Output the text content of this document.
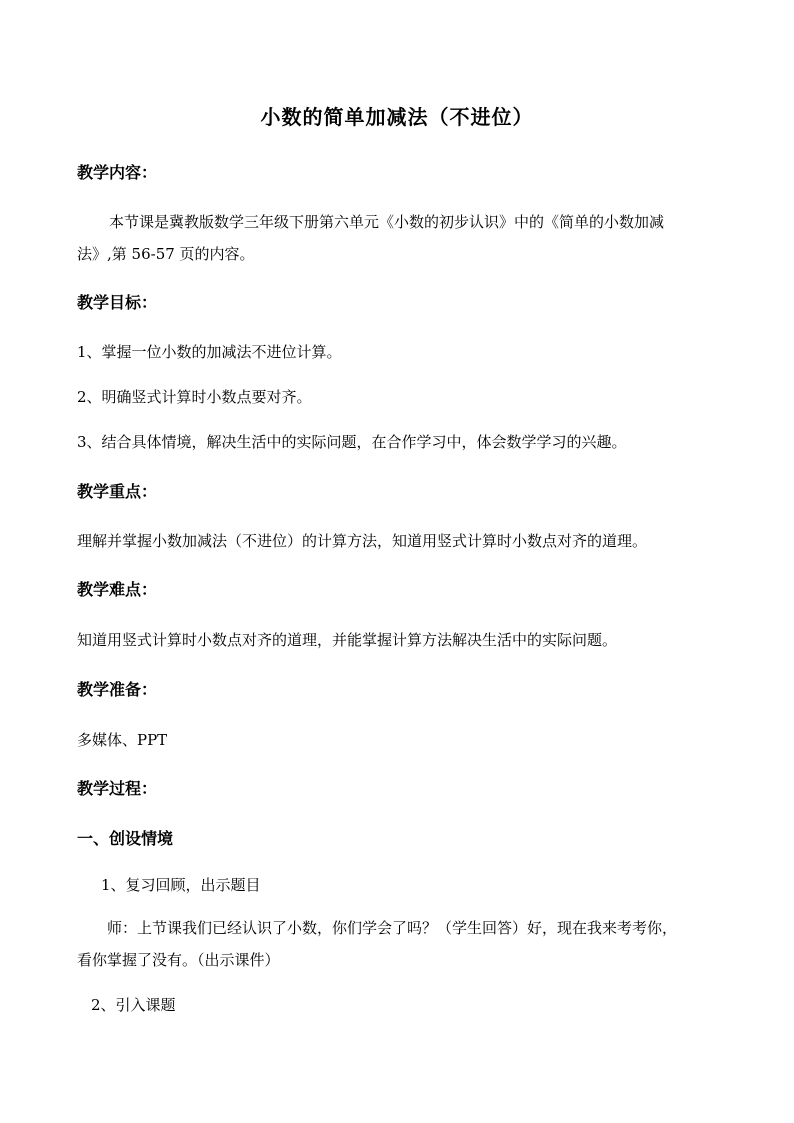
小数的简单加减法（不进位）
教学内容：
本节课是冀教版数学三年级下册第六单元《小数的初步认识》中的《简单的小数加减
法》,第 56-57 页的内容。
教学目标：
1、掌握一位小数的加减法不进位计算。
2、明确竖式计算时小数点要对齐。
3、结合具体情境，解决生活中的实际问题，在合作学习中，体会数学学习的兴趣。
教学重点：
理解并掌握小数加减法（不进位）的计算方法，知道用竖式计算时小数点对齐的道理。
教学难点：
知道用竖式计算时小数点对齐的道理，并能掌握计算方法解决生活中的实际问题。
教学准备：
多媒体、PPT
教学过程：
一、创设情境
1、复习回顾，出示题目
师：上节课我们已经认识了小数，你们学会了吗？（学生回答）好，现在我来考考你，
看你掌握了没有。（出示课件）
2、引入课题
